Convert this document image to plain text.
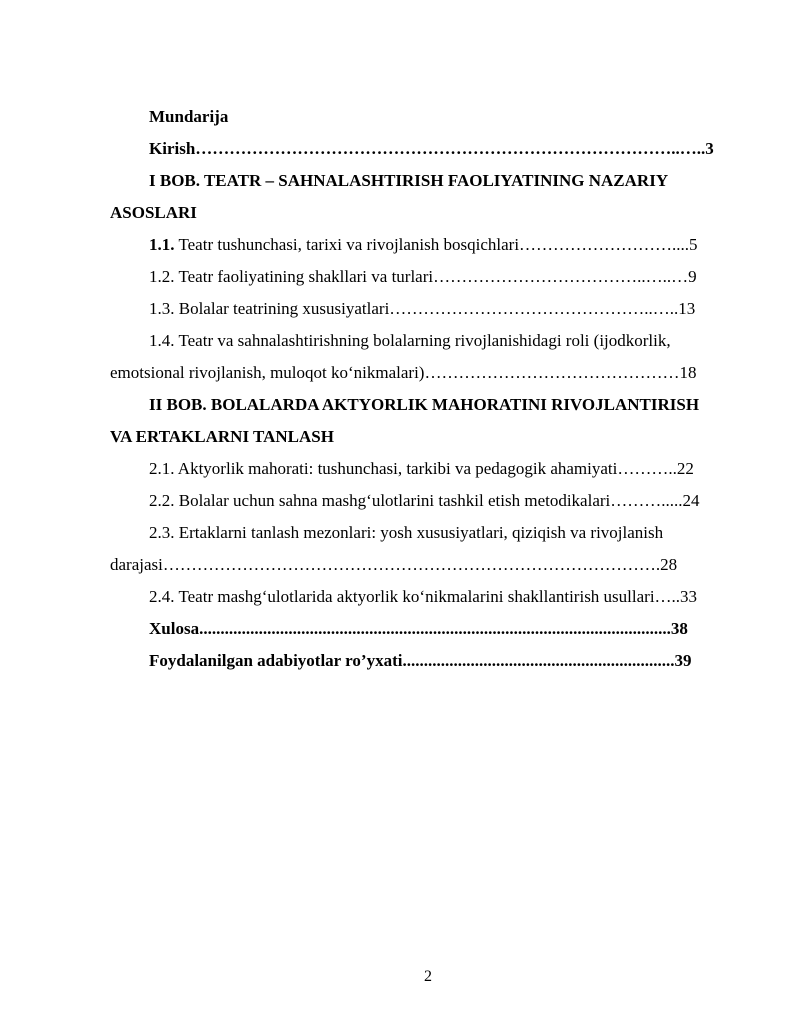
Mundarija
Kirish…………………………………………………………………………..…..3
I BOB. TEATR – SAHNALASHTIRISH FAOLIYATINING NAZARIY
ASOSLARI
1.1. Teatr tushunchasi, tarixi va rivojlanish bosqichlari………………………....5
1.2. Teatr faoliyatining shakllari va turlari………………………………..…..…9
1.3. Bolalar teatrining xususiyatlari………………………………………..…..13
1.4. Teatr va sahnalashtirishning bolalarning rivojlanishidagi roli (ijodkorlik,
emotsional rivojlanish, muloqot ko‘nikmalari)………………………………………18
II BOB. BOLALARDA AKTYORLIK MAHORATINI RIVOJLANTIRISH
VA ERTAKLARNI TANLASH
2.1. Aktyorlik mahorati: tushunchasi, tarkibi va pedagogik ahamiyati………..22
2.2. Bolalar uchun sahna mashg‘ulotlarini tashkil etish metodikalari……….....24
2.3. Ertaklarni tanlash mezonlari: yosh xususiyatlari, qiziqish va rivojlanish
darajasi…………………………………………………………………………….28
2.4. Teatr mashg‘ulotlarida aktyorlik ko‘nikmalarini shakllantirish usullari…..33
Xulosa...............................................................................................................38
Foydalanilgan adabiyotlar ro’yxati................................................................39
2
